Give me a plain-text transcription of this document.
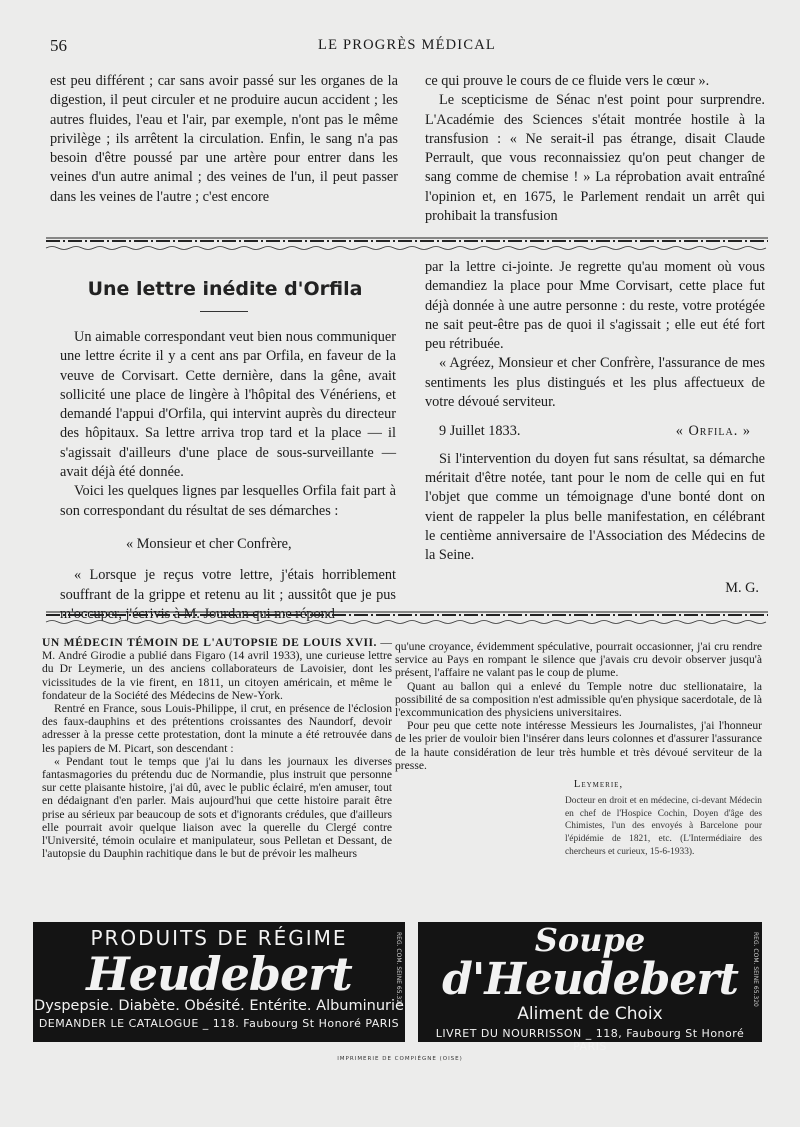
56	LE PROGRÈS MÉDICAL

est peu différent ; car sans avoir passé sur les organes de la digestion, il peut circuler et ne produire aucun accident ; les autres fluides, l'eau et l'air, par exemple, n'ont pas le même privilège ; ils arrêtent la circulation. Enfin, le sang n'a pas besoin d'être poussé par une artère pour entrer dans les veines d'un autre animal ; des veines de l'un, il peut passer dans les veines de l'autre ; c'est encore

ce qui prouve le cours de ce fluide vers le cœur ».

Le scepticisme de Sénac n'est point pour surprendre. L'Académie des Sciences s'était montrée hostile à la transfusion : « Ne serait-il pas étrange, disait Claude Perrault, que vous reconnaissiez qu'on peut changer de sang comme de chemise ! » La réprobation avait entraîné l'opinion et, en 1675, le Parlement rendait un arrêt qui prohibait la transfusion

Une lettre inédite d'Orfila

Un aimable correspondant veut bien nous communiquer une lettre écrite il y a cent ans par Orfila, en faveur de la veuve de Corvisart. Cette dernière, dans la gêne, avait sollicité une place de lingère à l'hôpital des Vénériens, et demandé l'appui d'Orfila, qui intervint auprès du directeur des hôpitaux. Sa lettre arriva trop tard et la place — il s'agissait d'ailleurs d'une place de sous-surveillante — avait déjà été donnée.

Voici les quelques lignes par lesquelles Orfila fait part à son correspondant du résultat de ses démarches :

« Monsieur et cher Confrère,

« Lorsque je reçus votre lettre, j'étais horriblement souffrant de la grippe et retenu au lit ; aussitôt que je pus m'occuper, j'écrivis à M. Jourdan qui me répond

par la lettre ci-jointe. Je regrette qu'au moment où vous demandiez la place pour Mme Corvisart, cette place fut déjà donnée à une autre personne : du reste, votre protégée ne sait peut-être pas de quoi il s'agissait ; elle eut été fort peu rétribuée.

« Agréez, Monsieur et cher Confrère, l'assurance de mes sentiments les plus distingués et les plus affectueux de votre dévoué serviteur.

9 Juillet 1833.	« Orfila. »

Si l'intervention du doyen fut sans résultat, sa démarche méritait d'être notée, tant pour le nom de celle qui en fut l'objet que comme un témoignage d'une bonté dont on vient de rappeler la plus belle manifestation, en célébrant le centième anniversaire de l'Association des Médecins de la Seine.

M. G.

UN MÉDECIN TÉMOIN DE L'AUTOPSIE DE LOUIS XVII. — M. André Girodie a publié dans Figaro (14 avril 1933), une curieuse lettre du Dr Leymerie, un des anciens collaborateurs de Lavoisier, dont les vicissitudes de la vie firent, en 1811, un citoyen américain, et même le fondateur de la Société des Médecins de New-York.

Rentré en France, sous Louis-Philippe, il crut, en présence de l'éclosion des faux-dauphins et des prétentions croissantes des Naundorf, devoir adresser à la presse cette protestation, dont la minute a été retrouvée dans les papiers de M. Picart, son descendant :

« Pendant tout le temps que j'ai lu dans les journaux les diverses fantasmagories du prétendu duc de Normandie, plus instruit que personne sur cette plaisante histoire, j'ai dû, avec le public éclairé, m'en amuser, tout en dédaignant d'en parler. Mais aujourd'hui que cette histoire parait être prise au sérieux par beaucoup de sots et d'ignorants crédules, que d'ailleurs elle pourrait avoir quelque liaison avec la querelle du Clergé contre l'Université, témoin oculaire et manipulateur, sous Pelletan et Dessant, de l'autopsie du Dauphin rachitique dans le but de prévoir les malheurs

qu'une croyance, évidemment spéculative, pourrait occasionner, j'ai cru rendre service au Pays en rompant le silence que j'avais cru devoir observer jusqu'à présent, l'affaire ne valant pas le coup de plume.

Quant au ballon qui a enlevé du Temple notre duc stellionataire, la possibilité de sa composition n'est admissible qu'en physique sacerdotale, de là l'excommunication des physiciens universitaires.

Pour peu que cette note intéresse Messieurs les Journalistes, j'ai l'honneur de les prier de vouloir bien l'insérer dans leurs colonnes et d'assurer l'assurance de la haute considération de leur très humble et très dévoué serviteur de la presse.

Leymerie,
Docteur en droit et en médecine, ci-devant Médecin en chef de l'Hospice Cochin, Doyen d'âge des Chimistes, l'un des envoyés à Barcelone pour l'épidémie de 1821, etc. (L'Intermédiaire des chercheurs et curieux, 15-6-1933).
PRODUITS DE RÉGIME
Heudebert
Dyspepsie. Diabète. Obésité. Entérite. Albuminurie
DEMANDER LE CATALOGUE _ 118. Faubourg St Honoré PARIS
REG. COM. SEINE 65.320	Soupe
d'Heudebert
Aliment de Choix
LIVRET DU NOURRISSON _ 118, Faubourg St Honoré PARIS
REG. COM. SEINE 65.320
IMPRIMERIE DE COMPIÈGNE (OISE)
